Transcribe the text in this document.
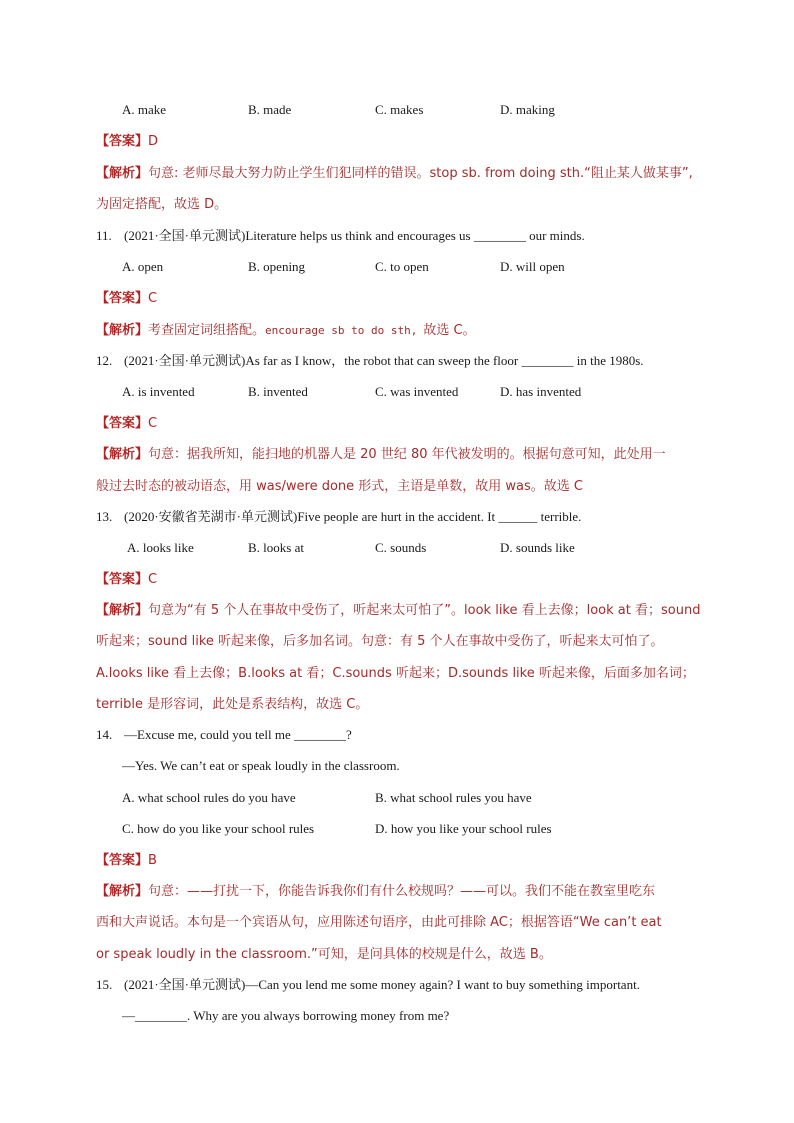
A. make	B. made	C. makes	D. making
【答案】D
【解析】句意: 老师尽最大努力防止学生们犯同样的错误。stop sb. from doing sth.“阻止某人做某事”,
为固定搭配，故选 D。
11. (2021·全国·单元测试)Literature helps us think and encourages us ________ our minds.
A. open	B. opening	C. to open	D. will open
【答案】C
【解析】考查固定词组搭配。encourage sb to do sth, 故选 C。
12. (2021·全国·单元测试)As far as I know，the robot that can sweep the floor ________ in the 1980s.
A. is invented	B. invented	C. was invented	D. has invented
【答案】C
【解析】句意：据我所知，能扫地的机器人是 20 世纪 80 年代被发明的。根据句意可知，此处用一
般过去时态的被动语态，用 was/were done 形式，主语是单数，故用 was。故选 C
13. (2020·安徽省芜湖市·单元测试)Five people are hurt in the accident. It ______ terrible.
A. looks like	B. looks at	C. sounds	D. sounds like
【答案】C
【解析】句意为“有 5 个人在事故中受伤了，听起来太可怕了”。look like 看上去像；look at 看；sound
听起来；sound like 听起来像，后多加名词。句意：有 5 个人在事故中受伤了，听起来太可怕了。
A.looks like 看上去像；B.looks at 看；C.sounds 听起来；D.sounds like 听起来像，后面多加名词；
terrible 是形容词，此处是系表结构，故选 C。
14. —Excuse me, could you tell me ________?
—Yes. We can’t eat or speak loudly in the classroom.
A. what school rules do you have	B. what school rules you have
C. how do you like your school rules	D. how you like your school rules
【答案】B
【解析】句意：——打扰一下，你能告诉我你们有什么校规吗？——可以。我们不能在教室里吃东
西和大声说话。本句是一个宾语从句，应用陈述句语序，由此可排除 AC；根据答语“We can’t eat
or speak loudly in the classroom.”可知，是问具体的校规是什么，故选 B。
15. (2021·全国·单元测试)—Can you lend me some money again? I want to buy something important.
—________. Why are you always borrowing money from me?
